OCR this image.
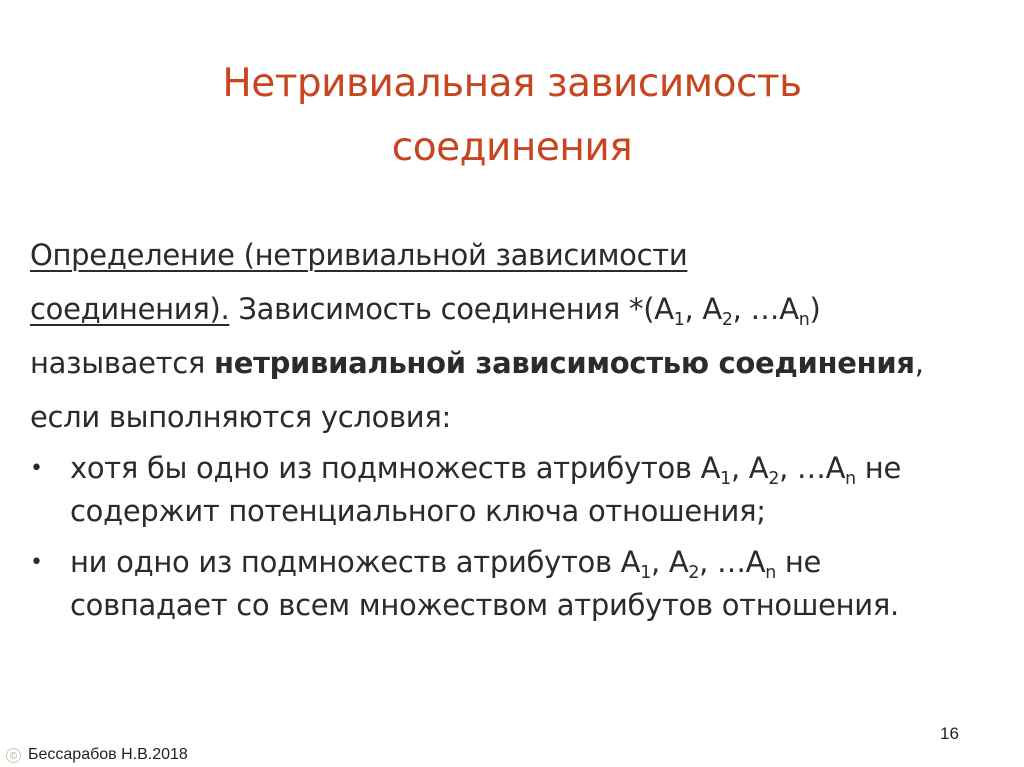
Нетривиальная зависимость
соединения
Определение (нетривиальной зависимости
соединения). Зависимость соединения $*(А_1$, $А_2$, $\dots А_n$)
называется нетривиальной зависимостью соединения,
если выполняются условия:
• хотя бы одно из подмножеств атрибутов $А_1$, $А_2$, $\dots А_n$ не
содержит потенциального ключа отношения;
• ни одно из подмножеств атрибутов $А_1$, $А_2$, $\dots А_n$ не
совпадает со всем множеством атрибутов отношения.
16
© Бессарабов Н.В.2018
